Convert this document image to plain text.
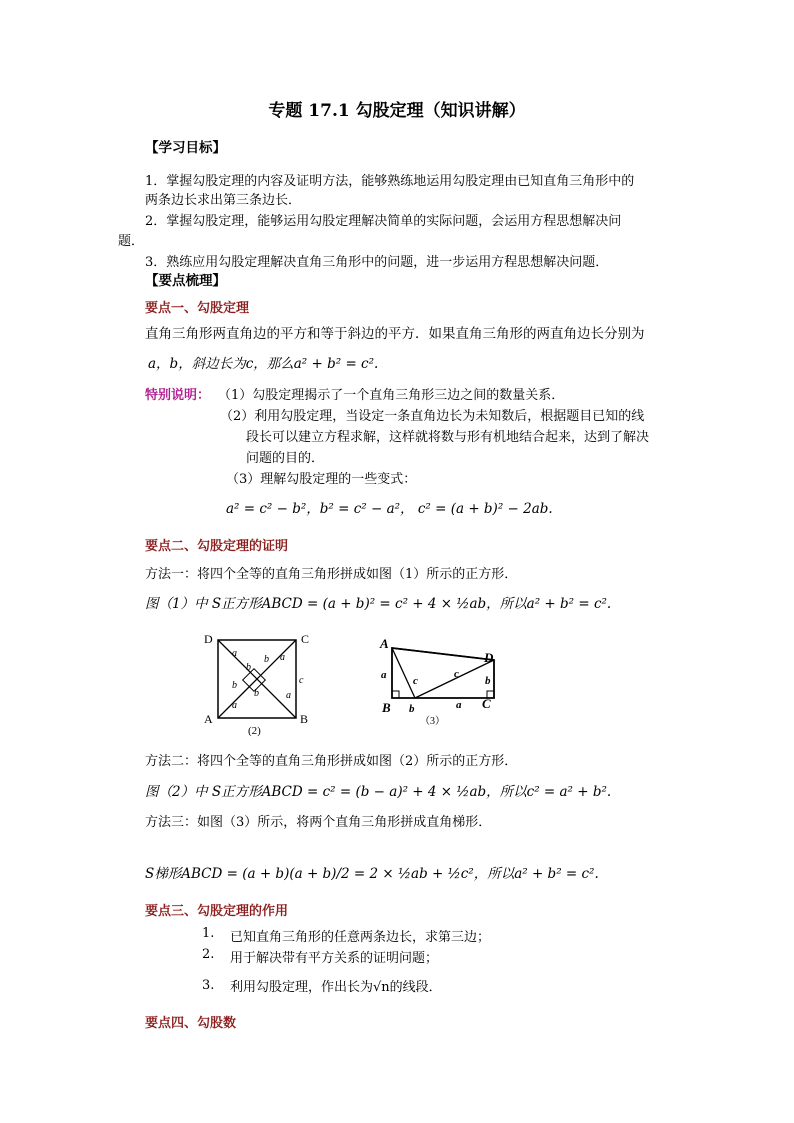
专题 17.1 勾股定理（知识讲解）
【学习目标】
1．掌握勾股定理的内容及证明方法，能够熟练地运用勾股定理由已知直角三角形中的
两条边长求出第三条边长．
2．掌握勾股定理，能够运用勾股定理解决简单的实际问题，会运用方程思想解决问
题．
3．熟练应用勾股定理解决直角三角形中的问题，进一步运用方程思想解决问题．
【要点梳理】
要点一、勾股定理
直角三角形两直角边的平方和等于斜边的平方．如果直角三角形的两直角边长分别为
a，b，斜边长为c，那么a² + b² = c².
特别说明： （1）勾股定理揭示了一个直角三角形三边之间的数量关系．
（2）利用勾股定理，当设定一条直角边长为未知数后，根据题目已知的线
段长可以建立方程求解，这样就将数与形有机地结合起来，达到了解决
问题的目的．
（3）理解勾股定理的一些变式：
a² = c² − b²，b² = c² − a²， c² = (a + b)² − 2ab.
要点二、勾股定理的证明
方法一：将四个全等的直角三角形拼成如图（1）所示的正方形．
图（1）中 S正方形ABCD = (a + b)² = c² + 4 × ½ab，所以a² + b² = c².
D	C
A	B
a
b
b
a
b
b
a
a
c
(2)
A
B	C
D
a c
c
b
b	a
（3）
方法二：将四个全等的直角三角形拼成如图（2）所示的正方形．
图（2）中 S正方形ABCD = c² = (b − a)² + 4 × ½ab，所以c² = a² + b².
方法三：如图（3）所示，将两个直角三角形拼成直角梯形．
S梯形ABCD = (a + b)(a + b)/2 = 2 × ½ab + ½c²，所以a² + b² = c².
要点三、勾股定理的作用
1. 已知直角三角形的任意两条边长，求第三边；
2. 用于解决带有平方关系的证明问题；
3. 利用勾股定理，作出长为√n的线段．
要点四、勾股数
